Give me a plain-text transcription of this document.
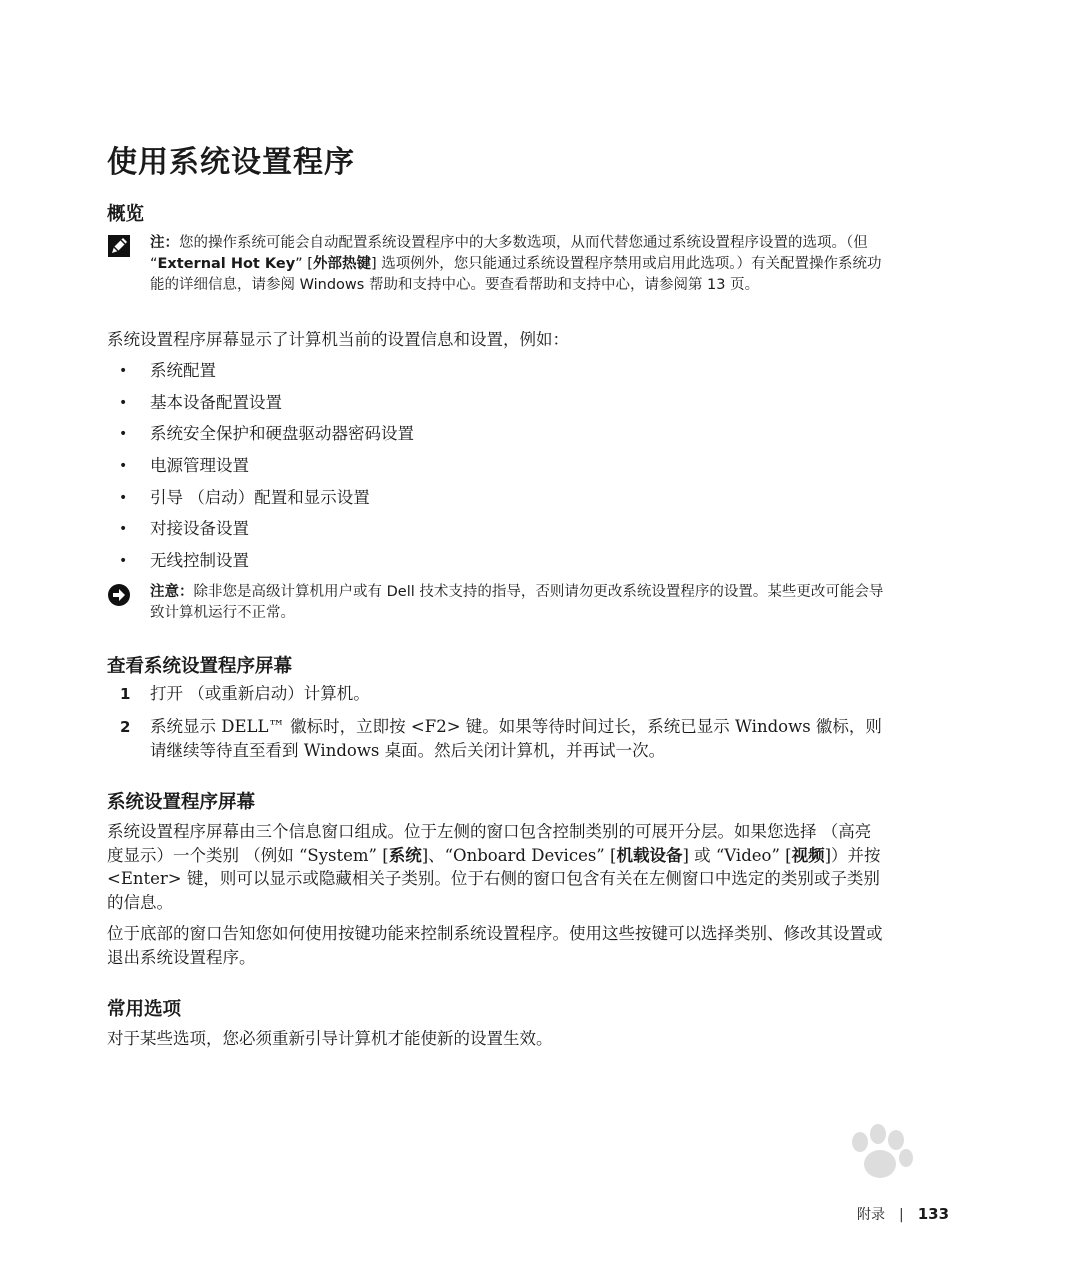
使用系统设置程序
概览
注：您的操作系统可能会自动配置系统设置程序中的大多数选项，从而代替您通过系统设置程序设置的选项。（但 “External Hot Key” [外部热键] 选项例外，您只能通过系统设置程序禁用或启用此选项。）有关配置操作系统功能的详细信息，请参阅 Windows 帮助和支持中心。要查看帮助和支持中心，请参阅第 13 页。

系统设置程序屏幕显示了计算机当前的设置信息和设置，例如：

• 系统配置
• 基本设备配置设置
• 系统安全保护和硬盘驱动器密码设置
• 电源管理设置
• 引导 （启动）配置和显示设置
• 对接设备设置
• 无线控制设置
注意：除非您是高级计算机用户或有 Dell 技术支持的指导，否则请勿更改系统设置程序的设置。某些更改可能会导致计算机运行不正常。
查看系统设置程序屏幕
1 打开 （或重新启动）计算机。
2 系统显示 DELL™ 徽标时，立即按 <F2> 键。如果等待时间过长，系统已显示 Windows 徽标，则请继续等待直至看到 Windows 桌面。然后关闭计算机，并再试一次。
系统设置程序屏幕

系统设置程序屏幕由三个信息窗口组成。位于左侧的窗口包含控制类别的可展开分层。如果您选择 （高亮度显示）一个类别 （例如 “System” [系统]、“Onboard Devices” [机载设备] 或 “Video” [视频]）并按 <Enter> 键，则可以显示或隐藏相关子类别。位于右侧的窗口包含有关在左侧窗口中选定的类别或子类别的信息。

位于底部的窗口告知您如何使用按键功能来控制系统设置程序。使用这些按键可以选择类别、修改其设置或退出系统设置程序。

常用选项

对于某些选项，您必须重新引导计算机才能使新的设置生效。

附录 | 133
